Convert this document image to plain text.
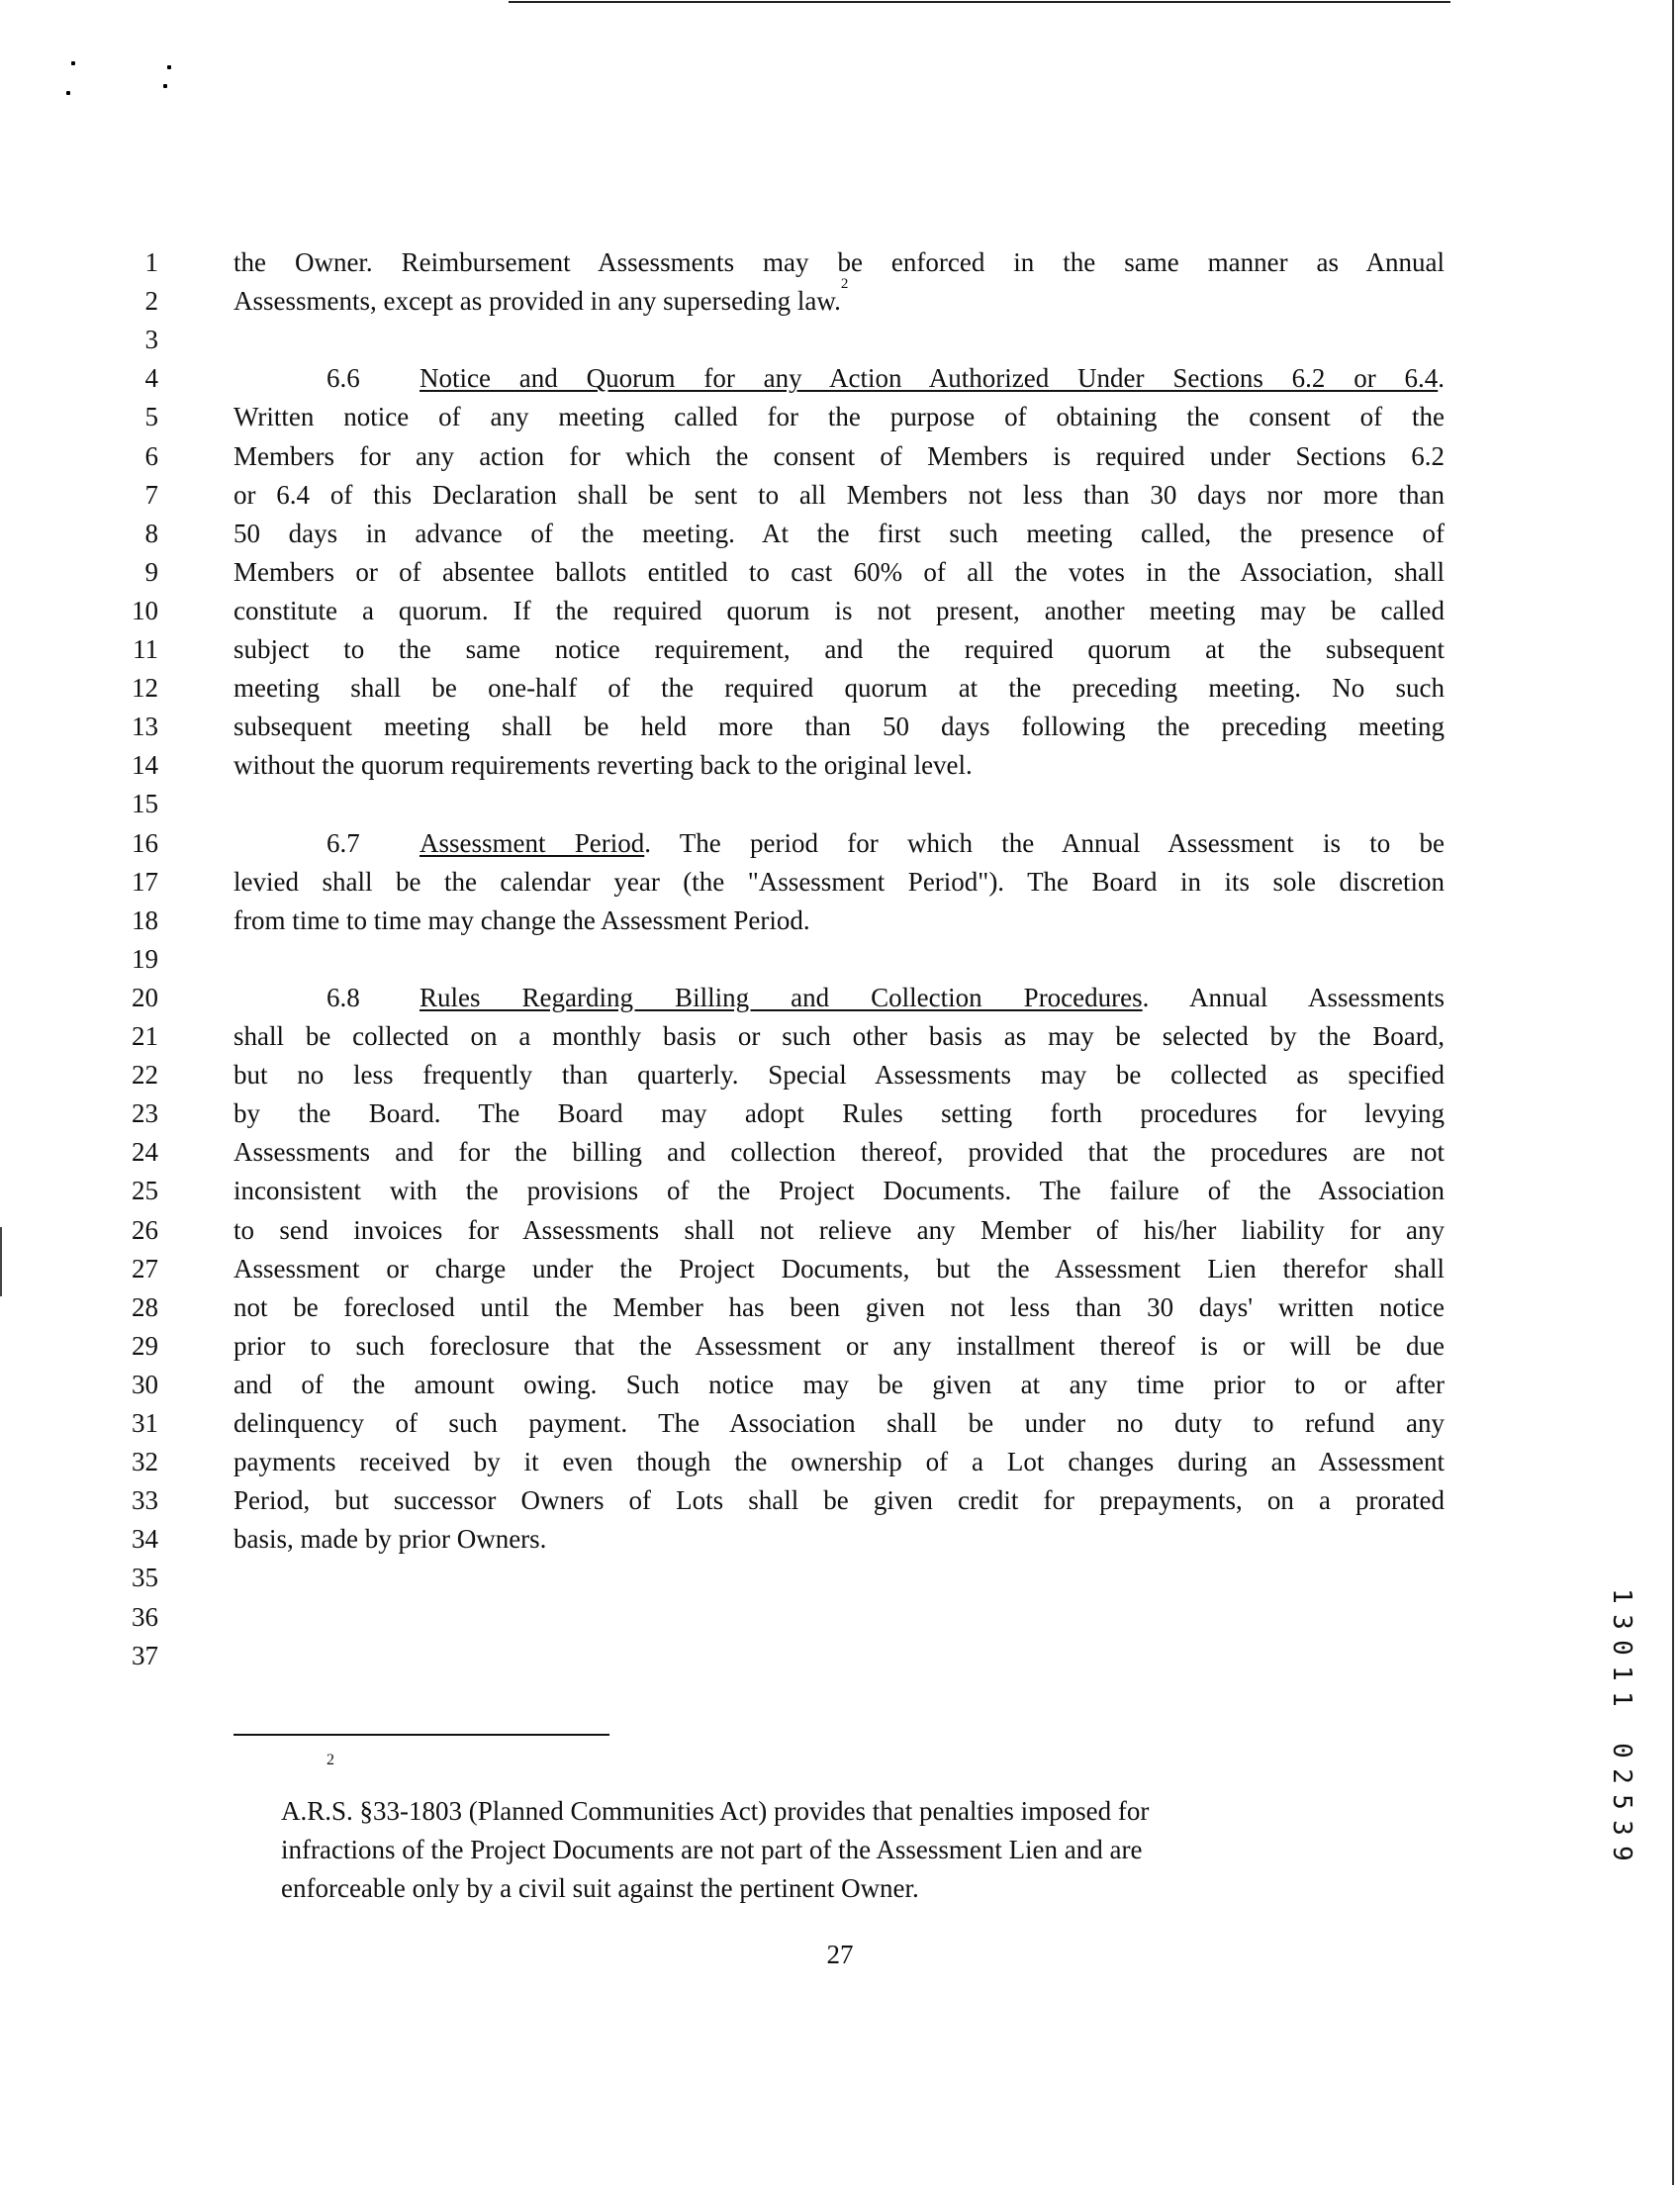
1	the Owner. Reimbursement Assessments may be enforced in the same manner as Annual
2	Assessments, except as provided in any superseding law.$^2$
3
4	6.6 Notice and Quorum for any Action Authorized Under Sections 6.2 or 6.4.
5	Written notice of any meeting called for the purpose of obtaining the consent of the
6	Members for any action for which the consent of Members is required under Sections 6.2
7	or 6.4 of this Declaration shall be sent to all Members not less than 30 days nor more than
8	50 days in advance of the meeting. At the first such meeting called, the presence of
9	Members or of absentee ballots entitled to cast 60% of all the votes in the Association, shall
10	constitute a quorum. If the required quorum is not present, another meeting may be called
11	subject to the same notice requirement, and the required quorum at the subsequent
12	meeting shall be one-half of the required quorum at the preceding meeting. No such
13	subsequent meeting shall be held more than 50 days following the preceding meeting
14	without the quorum requirements reverting back to the original level.
15
16	6.7 Assessment Period. The period for which the Annual Assessment is to be
17	levied shall be the calendar year (the "Assessment Period"). The Board in its sole discretion
18	from time to time may change the Assessment Period.
19
20	6.8 Rules Regarding Billing and Collection Procedures. Annual Assessments
21	shall be collected on a monthly basis or such other basis as may be selected by the Board,
22	but no less frequently than quarterly. Special Assessments may be collected as specified
23	by the Board. The Board may adopt Rules setting forth procedures for levying
24	Assessments and for the billing and collection thereof, provided that the procedures are not
25	inconsistent with the provisions of the Project Documents. The failure of the Association
26	to send invoices for Assessments shall not relieve any Member of his/her liability for any
27	Assessment or charge under the Project Documents, but the Assessment Lien therefor shall
28	not be foreclosed until the Member has been given not less than 30 days' written notice
29	prior to such foreclosure that the Assessment or any installment thereof is or will be due
30	and of the amount owing. Such notice may be given at any time prior to or after
31	delinquency of such payment. The Association shall be under no duty to refund any
32	payments received by it even though the ownership of a Lot changes during an Assessment
33	Period, but successor Owners of Lots shall be given credit for prepayments, on a prorated
34	basis, made by prior Owners.
35
36
37
2
A.R.S. §33-1803 (Planned Communities Act) provides that penalties imposed for
infractions of the Project Documents are not part of the Assessment Lien and are
enforceable only by a civil suit against the pertinent Owner.
27
1
3
0
1
1

0
2
5
3
9
